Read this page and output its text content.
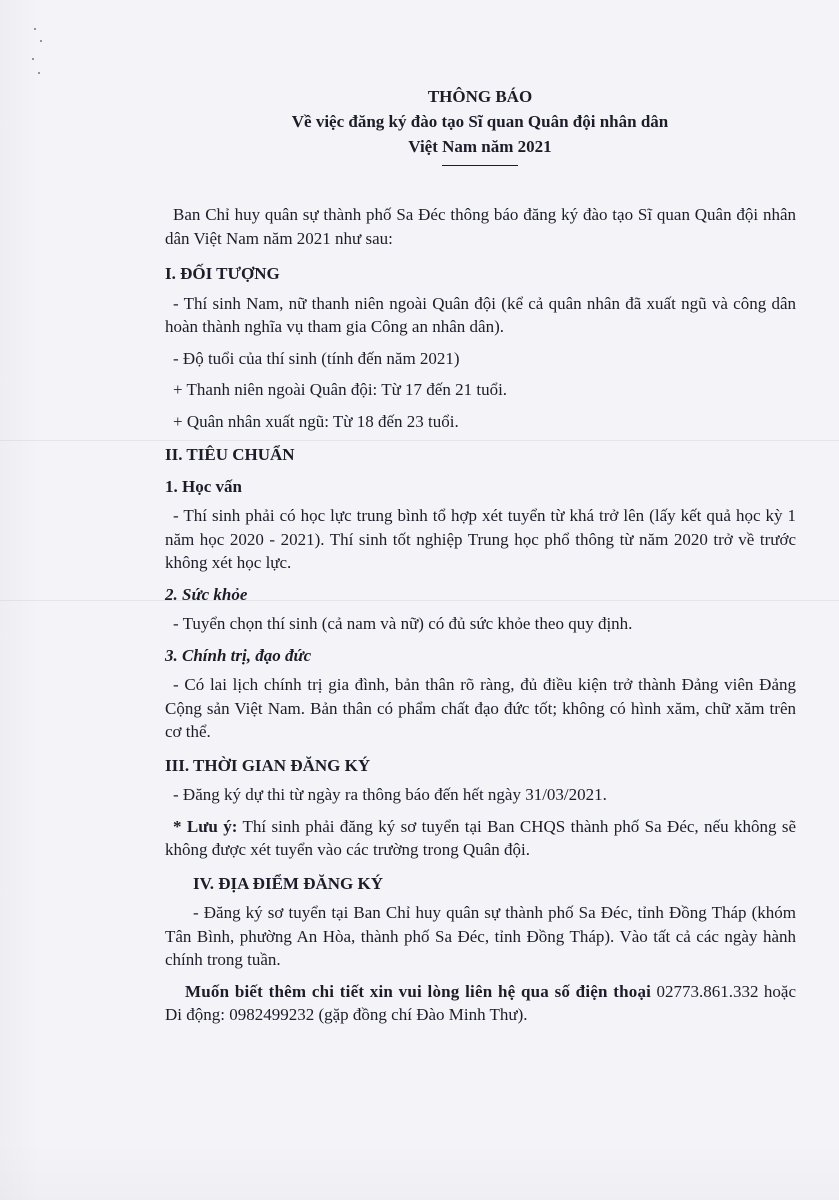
THÔNG BÁO
Về việc đăng ký đào tạo Sĩ quan Quân đội nhân dân
Việt Nam năm 2021

Ban Chỉ huy quân sự thành phố Sa Đéc thông báo đăng ký đào tạo Sĩ quan Quân đội nhân dân Việt Nam năm 2021 như sau:

I. ĐỐI TƯỢNG

- Thí sinh Nam, nữ thanh niên ngoài Quân đội (kể cả quân nhân đã xuất ngũ và công dân hoàn thành nghĩa vụ tham gia Công an nhân dân).

- Độ tuổi của thí sinh (tính đến năm 2021)

+ Thanh niên ngoài Quân đội: Từ 17 đến 21 tuổi.

+ Quân nhân xuất ngũ: Từ 18 đến 23 tuổi.

II. TIÊU CHUẨN

1. Học vấn

- Thí sinh phải có học lực trung bình tổ hợp xét tuyển từ khá trở lên (lấy kết quả học kỳ 1 năm học 2020 - 2021). Thí sinh tốt nghiệp Trung học phổ thông từ năm 2020 trở về trước không xét học lực.

2. Sức khỏe

- Tuyển chọn thí sinh (cả nam và nữ) có đủ sức khỏe theo quy định.

3. Chính trị, đạo đức

- Có lai lịch chính trị gia đình, bản thân rõ ràng, đủ điều kiện trở thành Đảng viên Đảng Cộng sản Việt Nam. Bản thân có phẩm chất đạo đức tốt; không có hình xăm, chữ xăm trên cơ thể.

III. THỜI GIAN ĐĂNG KÝ

- Đăng ký dự thi từ ngày ra thông báo đến hết ngày 31/03/2021.

* Lưu ý: Thí sinh phải đăng ký sơ tuyển tại Ban CHQS thành phố Sa Đéc, nếu không sẽ không được xét tuyển vào các trường trong Quân đội.

IV. ĐỊA ĐIỂM ĐĂNG KÝ

- Đăng ký sơ tuyển tại Ban Chỉ huy quân sự thành phố Sa Đéc, tỉnh Đồng Tháp (khóm Tân Bình, phường An Hòa, thành phố Sa Đéc, tỉnh Đồng Tháp). Vào tất cả các ngày hành chính trong tuần.

Muốn biết thêm chi tiết xin vui lòng liên hệ qua số điện thoại 02773.861.332 hoặc Di động: 0982499232 (gặp đồng chí Đào Minh Thư).
